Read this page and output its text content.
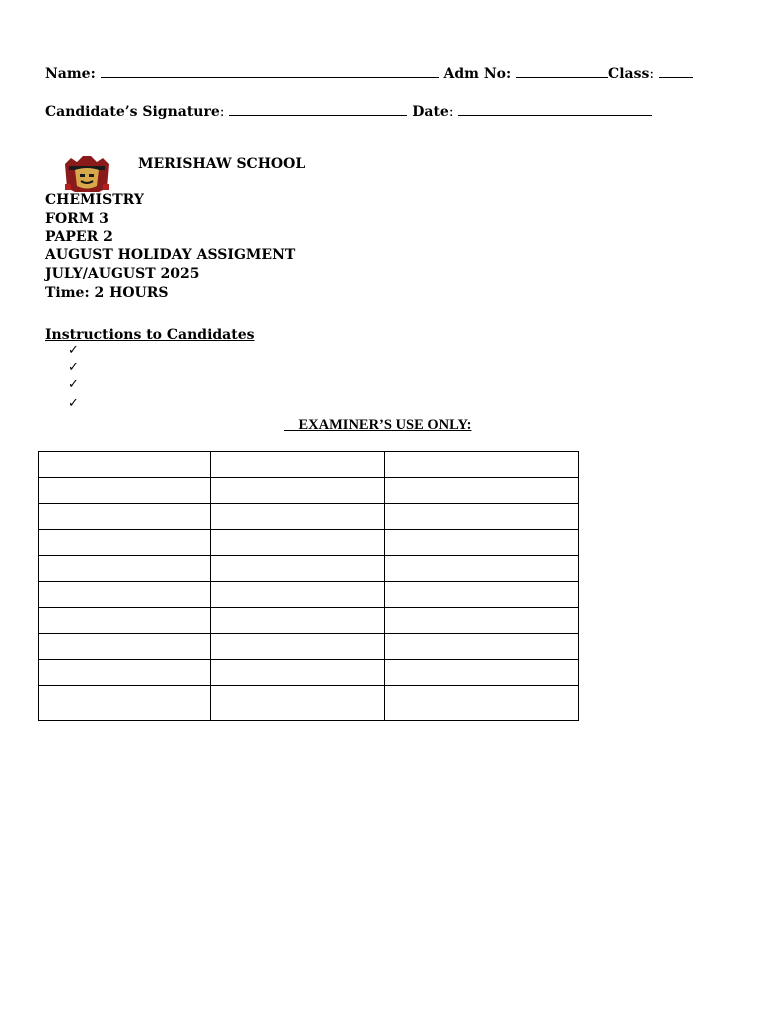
Name:	Adm No:	Class:
Candidate’s Signature:	Date:
MERISHAW SCHOOL
CHEMISTRY
FORM 3
PAPER 2
AUGUST HOLIDAY ASSIGMENT
JULY/AUGUST 2025
Time: 2 HOURS
Instructions to Candidates
✓
✓
✓
✓
EXAMINER’S USE ONLY:
